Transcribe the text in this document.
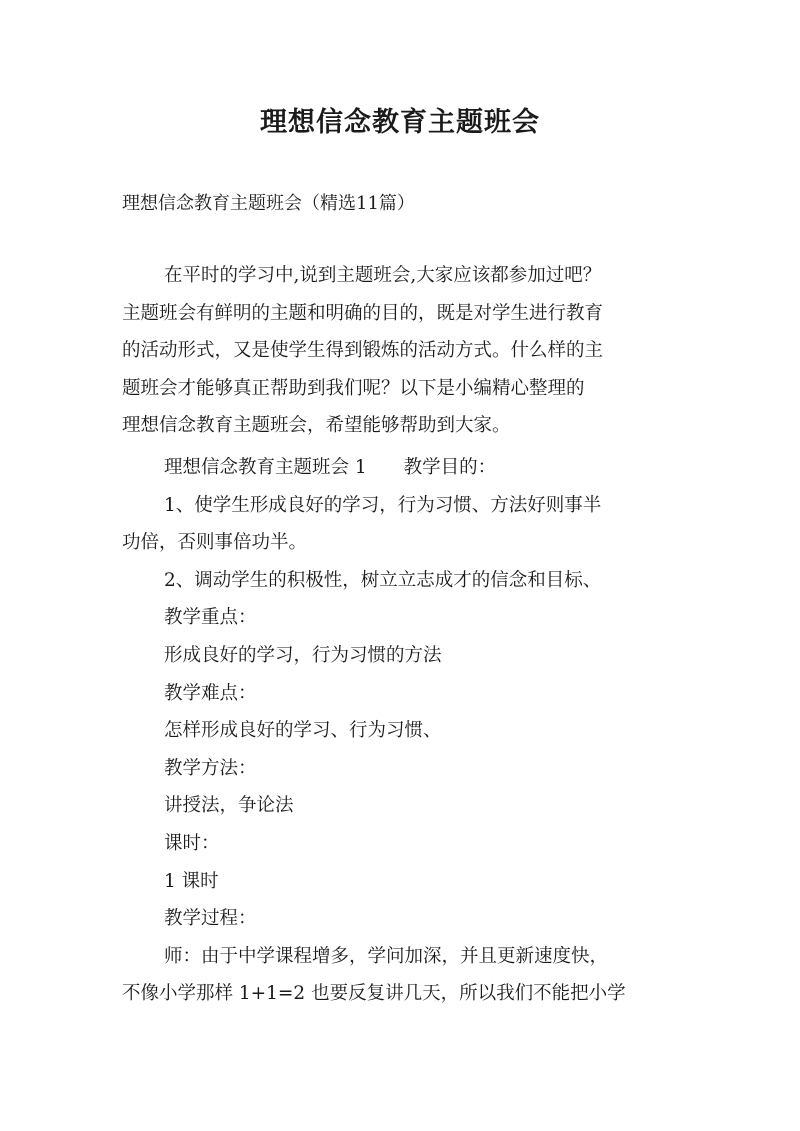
理想信念教育主题班会
理想信念教育主题班会（精选11篇）
在平时的学习中,说到主题班会,大家应该都参加过吧？
主题班会有鲜明的主题和明确的目的，既是对学生进行教育
的活动形式，又是使学生得到锻炼的活动方式。什么样的主
题班会才能够真正帮助到我们呢？以下是小编精心整理的
理想信念教育主题班会，希望能够帮助到大家。
理想信念教育主题班会 1　　教学目的：
1、使学生形成良好的学习，行为习惯、方法好则事半
功倍，否则事倍功半。
2、调动学生的积极性，树立立志成才的信念和目标、
教学重点：
形成良好的学习，行为习惯的方法
教学难点：
怎样形成良好的学习、行为习惯、
教学方法：
讲授法，争论法
课时：
1 课时
教学过程：
师：由于中学课程增多，学问加深，并且更新速度快，
不像小学那样 1+1=2 也要反复讲几天，所以我们不能把小学
